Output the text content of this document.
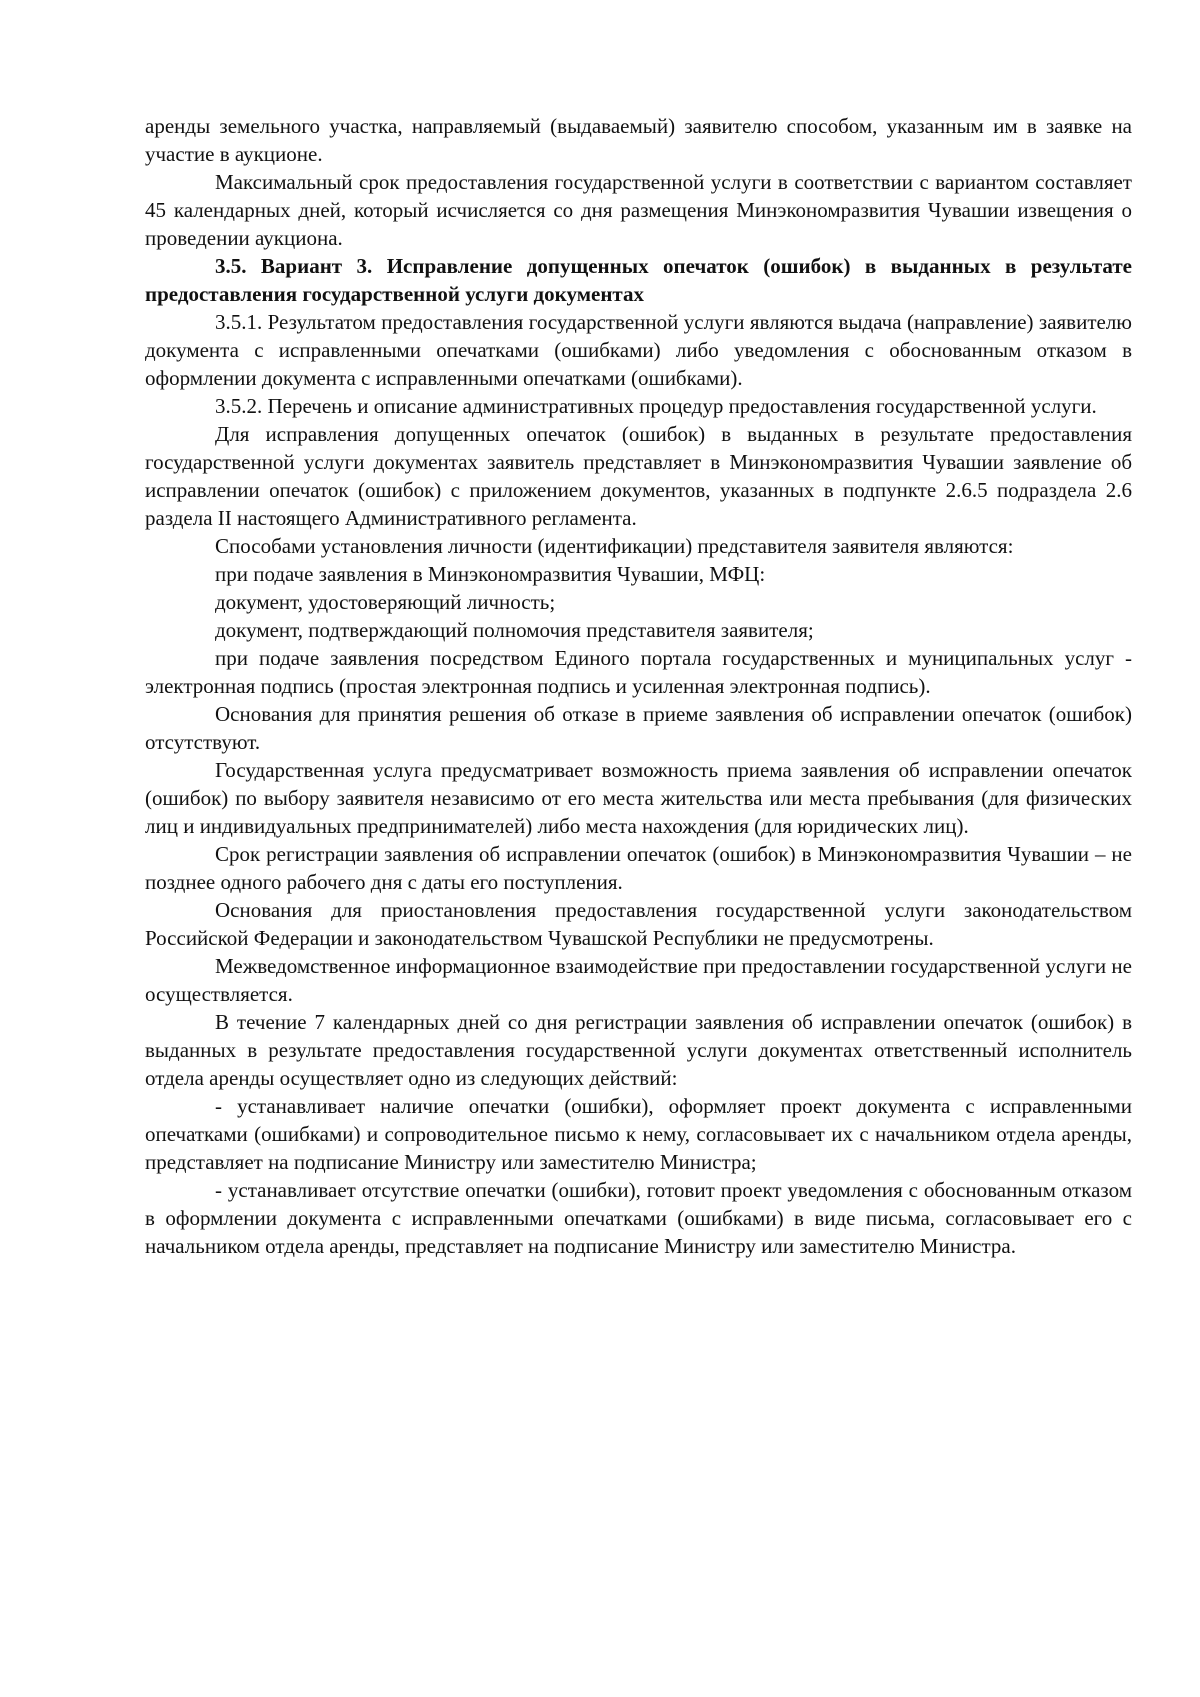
аренды земельного участка, направляемый (выдаваемый) заявителю способом, указанным им в заявке на участие в аукционе.

Максимальный срок предоставления государственной услуги в соответствии с вариантом составляет 45 календарных дней, который исчисляется со дня размещения Минэкономразвития Чувашии извещения о проведении аукциона.

3.5. Вариант 3. Исправление допущенных опечаток (ошибок) в выданных в результате предоставления государственной услуги документах

3.5.1. Результатом предоставления государственной услуги являются выдача (направление) заявителю документа с исправленными опечатками (ошибками) либо уведомления с обоснованным отказом в оформлении документа с исправленными опечатками (ошибками).

3.5.2. Перечень и описание административных процедур предоставления государственной услуги.

Для исправления допущенных опечаток (ошибок) в выданных в результате предоставления государственной услуги документах заявитель представляет в Минэкономразвития Чувашии заявление об исправлении опечаток (ошибок) с приложением документов, указанных в подпункте 2.6.5 подраздела 2.6 раздела II настоящего Административного регламента.

Способами установления личности (идентификации) представителя заявителя являются:

при подаче заявления в Минэкономразвития Чувашии, МФЦ:

документ, удостоверяющий личность;

документ, подтверждающий полномочия представителя заявителя;

при подаче заявления посредством Единого портала государственных и муниципальных услуг - электронная подпись (простая электронная подпись и усиленная электронная подпись).

Основания для принятия решения об отказе в приеме заявления об исправлении опечаток (ошибок) отсутствуют.

Государственная услуга предусматривает возможность приема заявления об исправлении опечаток (ошибок) по выбору заявителя независимо от его места жительства или места пребывания (для физических лиц и индивидуальных предпринимателей) либо места нахождения (для юридических лиц).

Срок регистрации заявления об исправлении опечаток (ошибок) в Минэкономразвития Чувашии – не позднее одного рабочего дня с даты его поступления.

Основания для приостановления предоставления государственной услуги законодательством Российской Федерации и законодательством Чувашской Республики не предусмотрены.

Межведомственное информационное взаимодействие при предоставлении государственной услуги не осуществляется.

В течение 7 календарных дней со дня регистрации заявления об исправлении опечаток (ошибок) в выданных в результате предоставления государственной услуги документах ответственный исполнитель отдела аренды осуществляет одно из следующих действий:

- устанавливает наличие опечатки (ошибки), оформляет проект документа с исправленными опечатками (ошибками) и сопроводительное письмо к нему, согласовывает их с начальником отдела аренды, представляет на подписание Министру или заместителю Министра;

- устанавливает отсутствие опечатки (ошибки), готовит проект уведомления с обоснованным отказом в оформлении документа с исправленными опечатками (ошибками) в виде письма, согласовывает его с начальником отдела аренды, представляет на подписание Министру или заместителю Министра.
